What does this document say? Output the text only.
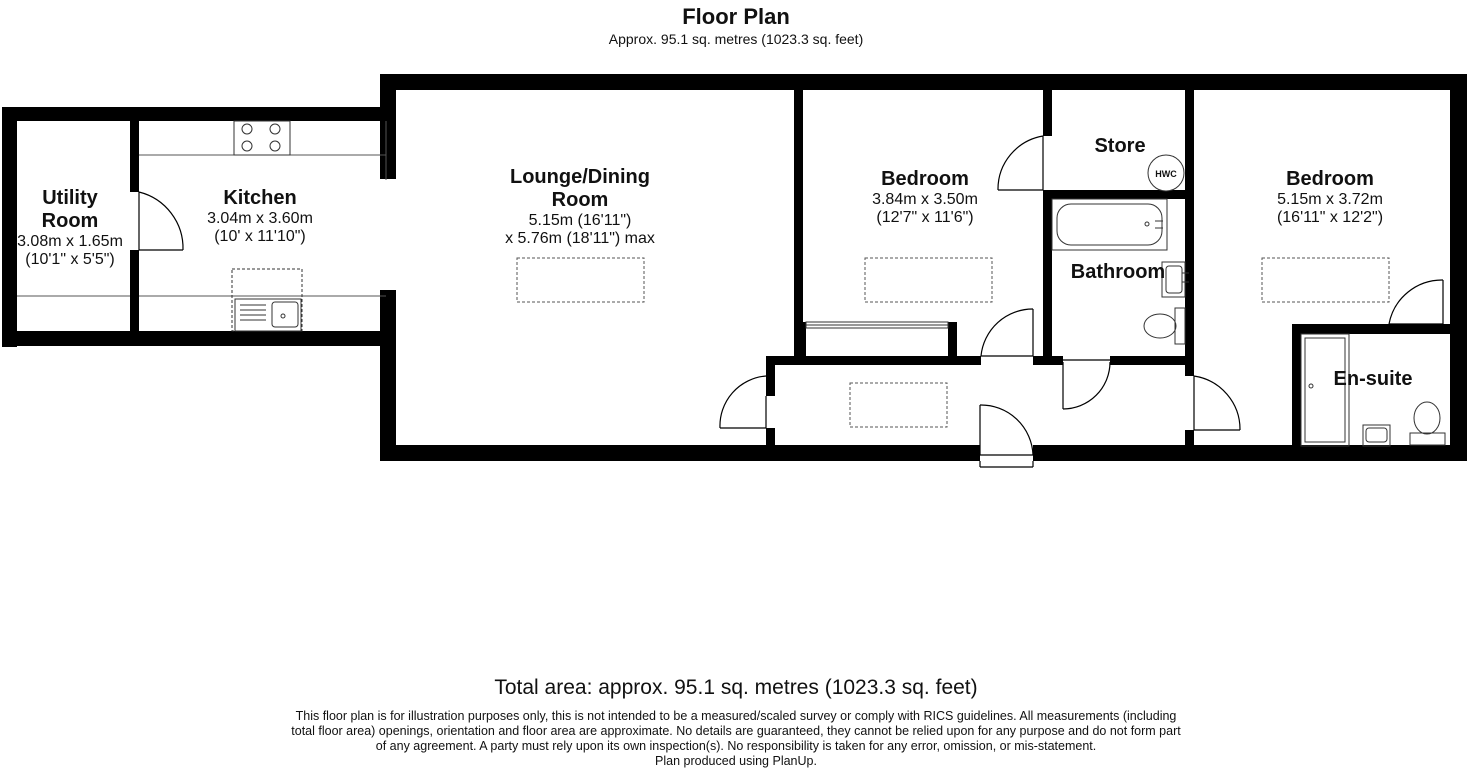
Floor Plan
Approx. 95.1 sq. metres (1023.3 sq. feet)
HWC
Utility
Room
3.08m x 1.65m
(10'1" x 5'5")
Kitchen
3.04m x 3.60m
(10' x 11'10")
Lounge/Dining
Room
5.15m (16'11")
x 5.76m (18'11") max
Bedroom
3.84m x 3.50m
(12'7" x 11'6")
Store
Bathroom
Bedroom
5.15m x 3.72m
(16'11" x 12'2")
En-suite
Total area: approx. 95.1 sq. metres (1023.3 sq. feet)
This floor plan is for illustration purposes only, this is not intended to be a measured/scaled survey or comply with RICS guidelines. All measurements (including
total floor area) openings, orientation and floor area are approximate. No details are guaranteed, they cannot be relied upon for any purpose and do not form part
of any agreement. A party must rely upon its own inspection(s). No responsibility is taken for any error, omission, or mis-statement.
Plan produced using PlanUp.
